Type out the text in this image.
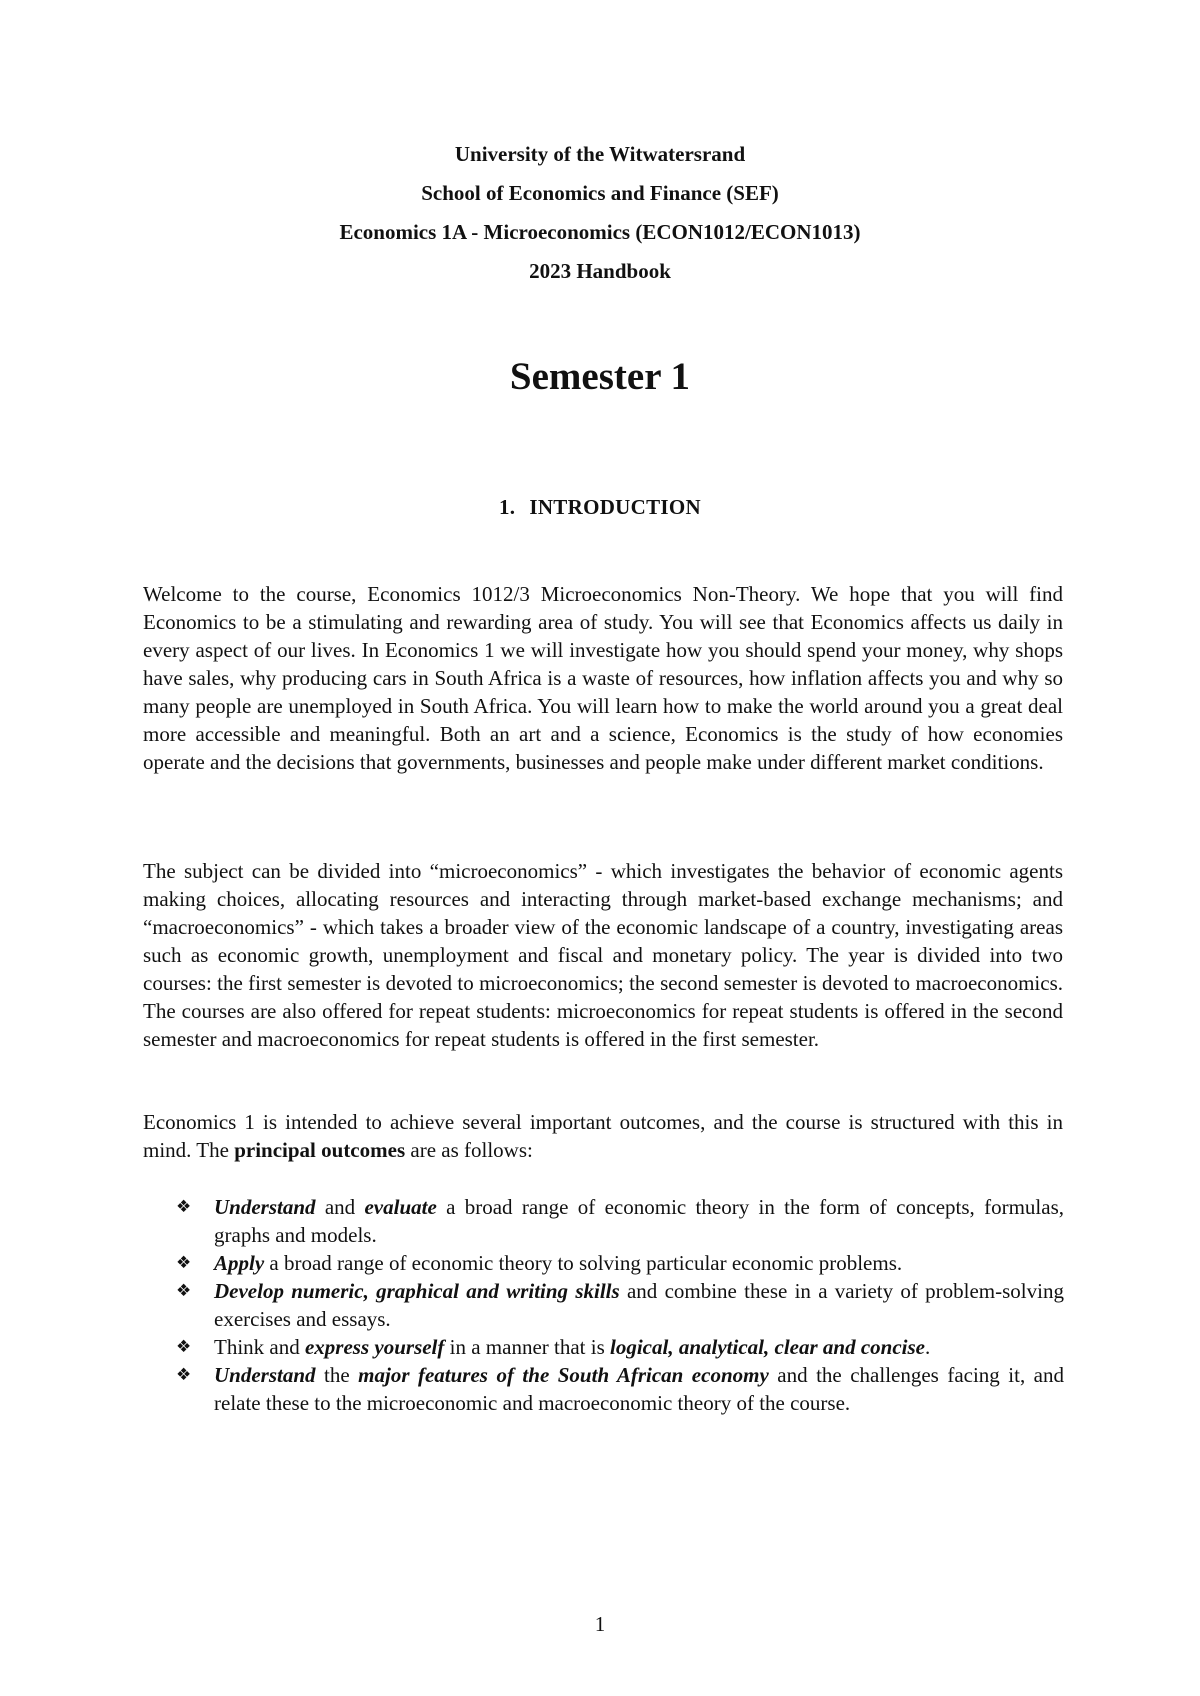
University of the Witwatersrand
School of Economics and Finance (SEF)
Economics 1A - Microeconomics (ECON1012/ECON1013)
2023 Handbook
Semester 1
1. INTRODUCTION

Welcome to the course, Economics 1012/3 Microeconomics Non-Theory. We hope that you will find Economics to be a stimulating and rewarding area of study. You will see that Economics affects us daily in every aspect of our lives. In Economics 1 we will investigate how you should spend your money, why shops have sales, why producing cars in South Africa is a waste of resources, how inflation affects you and why so many people are unemployed in South Africa. You will learn how to make the world around you a great deal more accessible and meaningful. Both an art and a science, Economics is the study of how economies operate and the decisions that governments, businesses and people make under different market conditions.

The subject can be divided into “microeconomics” - which investigates the behavior of economic agents making choices, allocating resources and interacting through market-based exchange mechanisms; and “macroeconomics” - which takes a broader view of the economic landscape of a country, investigating areas such as economic growth, unemployment and fiscal and monetary policy. The year is divided into two courses: the first semester is devoted to microeconomics; the second semester is devoted to macroeconomics. The courses are also offered for repeat students: microeconomics for repeat students is offered in the second semester and macroeconomics for repeat students is offered in the first semester.

Economics 1 is intended to achieve several important outcomes, and the course is structured with this in mind. The principal outcomes are as follows:

❖ Understand and evaluate a broad range of economic theory in the form of concepts, formulas, graphs and models.
❖ Apply a broad range of economic theory to solving particular economic problems.
❖ Develop numeric, graphical and writing skills and combine these in a variety of problem-solving exercises and essays.
❖ Think and express yourself in a manner that is logical, analytical, clear and concise.
❖ Understand the major features of the South African economy and the challenges facing it, and relate these to the microeconomic and macroeconomic theory of the course.
1
